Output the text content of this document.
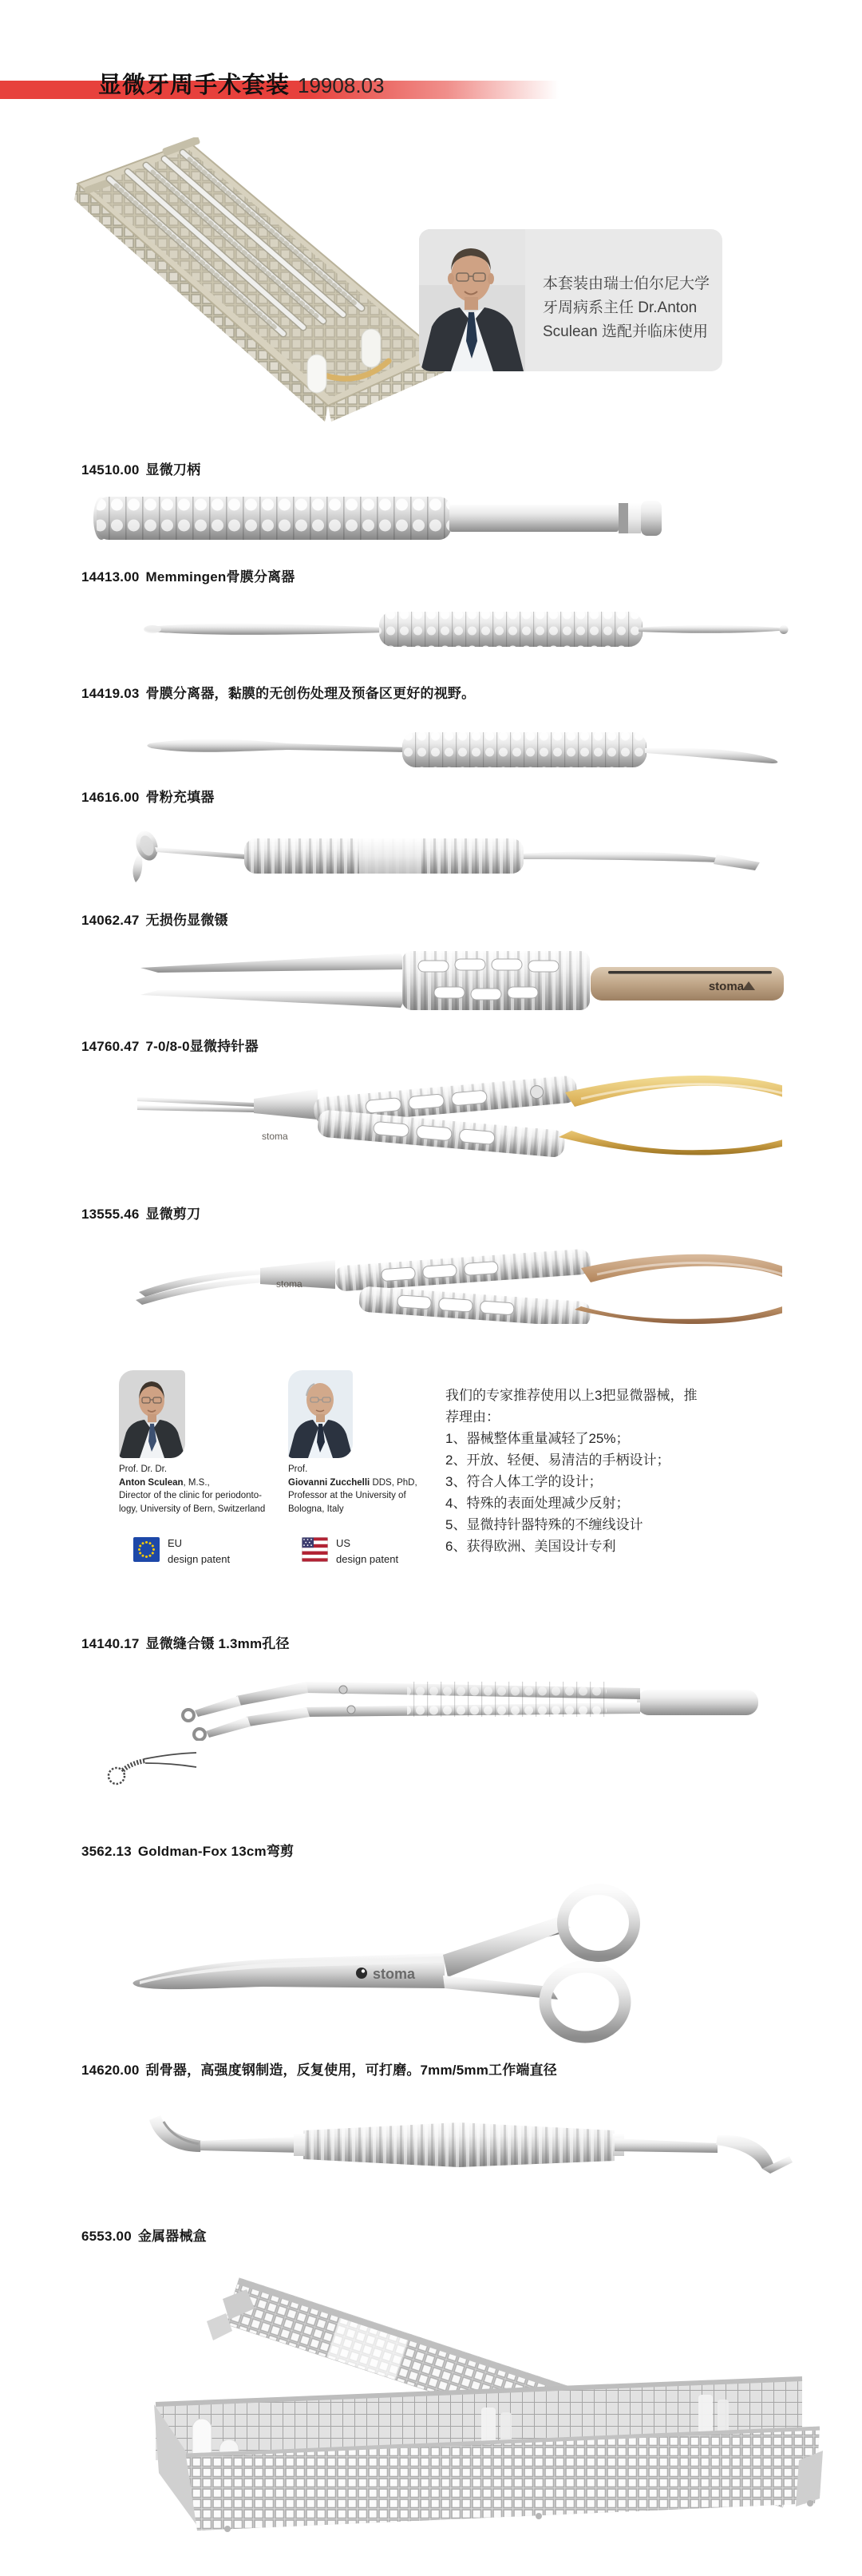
显微牙周手术套装 19908.03
本套装由瑞士伯尔尼大学牙周病系主任 Dr.Anton Sculean 选配并临床使用
14510.00 显微刀柄
14413.00 Memmingen骨膜分离器
14419.03 骨膜分离器，黏膜的无创伤处理及预备区更好的视野。
14616.00 骨粉充填器
14062.47 无损伤显微镊
stoma
14760.47 7-0/8-0显微持针器
stoma
13555.46 显微剪刀
stoma
Prof. Dr. Dr.
Anton Sculean, M.S.,
Director of the clinic for periodonto-
logy, University of Bern, Switzerland
Prof.
Giovanni Zucchelli DDS, PhD,
Professor at the University of
Bologna, Italy
EU
design patent
US
design patent
我们的专家推荐使用以上3把显微器械，推荐理由：
1、器械整体重量减轻了25%；
2、开放、轻便、易清洁的手柄设计；
3、符合人体工学的设计；
4、特殊的表面处理减少反射；
5、显微持针器特殊的不缠线设计
6、获得欧洲、美国设计专利
14140.17 显微缝合镊 1.3mm孔径
3562.13 Goldman-Fox 13cm弯剪
stoma
14620.00 刮骨器，高强度钢制造，反复使用，可打磨。7mm/5mm工作端直径
6553.00 金属器械盒
